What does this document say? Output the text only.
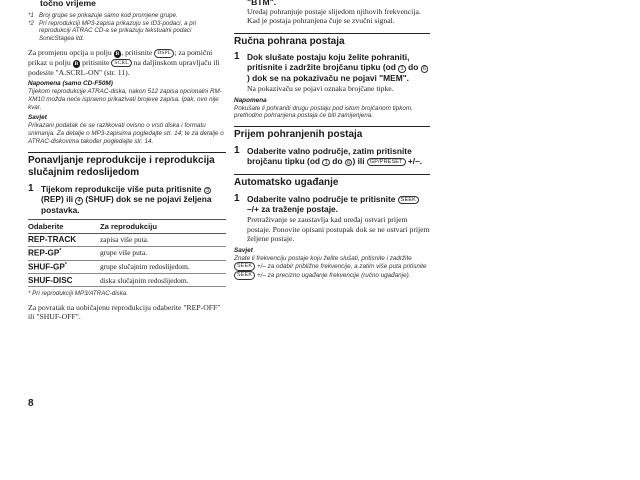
točno vrijeme

*1 Broj grupe se prikazuje samo kod promjene grupe.
*2 Pri reprodukciji MP3-zapisa prikazuju se ID3-podaci, a pri reprodukciji ATRAC CD-a se prikazuju tekstualni podaci SonicStagea itd.

Za promjenu opcija u polju B , pritisnite DSPL ; za pomični prikaz u polju B pritisnite SCRL na daljinskom upravljaču ili podesite "A.SCRL-ON" (str. 11).

Napomena (samo CD-F50M)

Tijekom reprodukcije ATRAC-diska, nakon 512 zapisa opcionalni RM-XM10 možda neće ispravno prikazivati brojeve zapisa. Ipak, ovo nije kvar.

Savjet

Prikazani podatak će se razlikovati ovisno o vrsti diska i formatu snimanja. Za detalje o MP3-zapisima pogledajte str. 14; te za detalje o ATRAC-diskovima također pogledajte str. 14.

Ponavljanje reprodukcije i reprodukcija slučajnim redoslijedom

1 Tijekom reprodukcije više puta pritisnite 3 (REP) ili 4 (SHUF) dok se ne pojavi željena postavka.
Odaberite	Za reprodukciju
REP-TRACK	zapisa više puta.
REP-GP*	grupe više puta.
SHUF-GP*	grupe slučajnim redoslijedom.
SHUF-DISC	diska slučajnim redoslijedom.

* Pri reprodukciji MP3/ATRAC-diska.

Za povratak na uobičajenu reprodukciju odaberite "REP-OFF" ili "SHUF-OFF".

8

"BTM".

Uređaj pohranjuje postaje slijedom njihovih frekvencija.

Kad je postaja pohranjena čuje se zvučni signal.

Ručna pohrana postaja

1 Dok slušate postaju koju želite pohraniti, pritisnite i zadržite brojčanu tipku (od 1 do 6) dok se na pokazivaču ne pojavi "MEM".

Na pokazivaču se pojavi oznaka brojčane tipke.

Napomena

Pokušate li pohraniti drugu postaju pod istom brojčanom tipkom, prethodno pohranjena postaja će biti zamijenjena.

Prijem pohranjenih postaja

1 Odaberite valno područje, zatim pritisnite brojčanu tipku (od 1 do 6 ) ili GP/PRESET +/–.

Automatsko ugađanje

1 Odaberite valno područje te pritisnite SEEK –/+ za traženje postaje.

Pretraživanje se zaustavlja kad uređaj ostvari prijem postaje. Ponovite opisani postupak dok se ne ostvari prijem željene postaje.

Savjet

Znate li frekvenciju postaje koju želite slušati, pritisnite i zadržite SEEK +/– za odabir približne frekvencije, a zatim više puta pritisnite SEEK +/– za precizno ugađanje frekvencije (ručno ugađanje).
